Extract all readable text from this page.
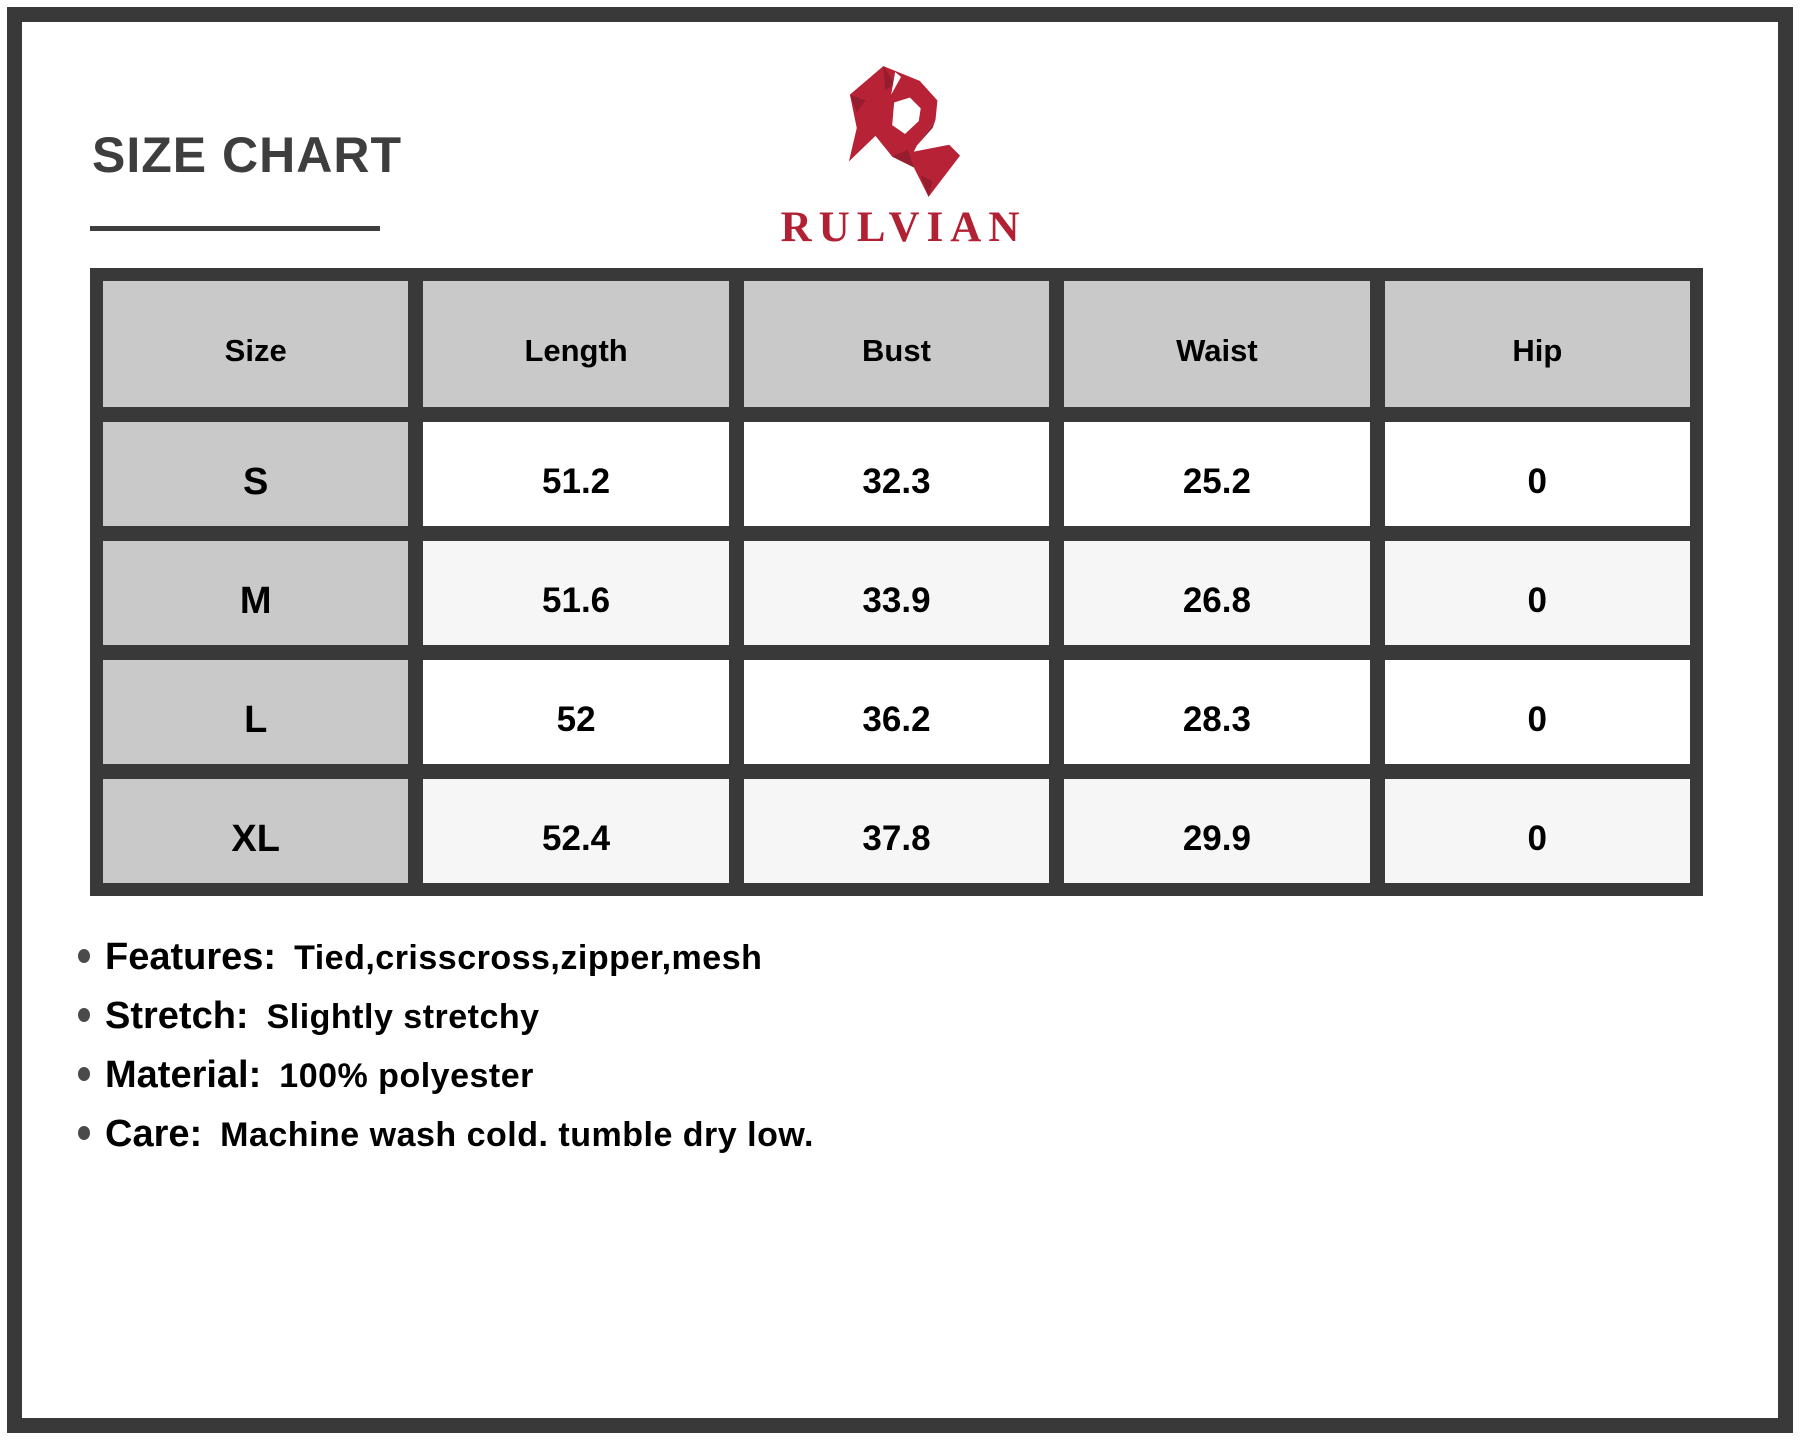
SIZE CHART
RULVIAN
Size	Length	Bust	Waist	Hip
S	51.2	32.3	25.2	0
M	51.6	33.9	26.8	0
L	52	36.2	28.3	0
XL	52.4	37.8	29.9	0
Features: Tied,crisscross,zipper,mesh
Stretch: Slightly stretchy
Material: 100% polyester
Care: Machine wash cold. tumble dry low.
